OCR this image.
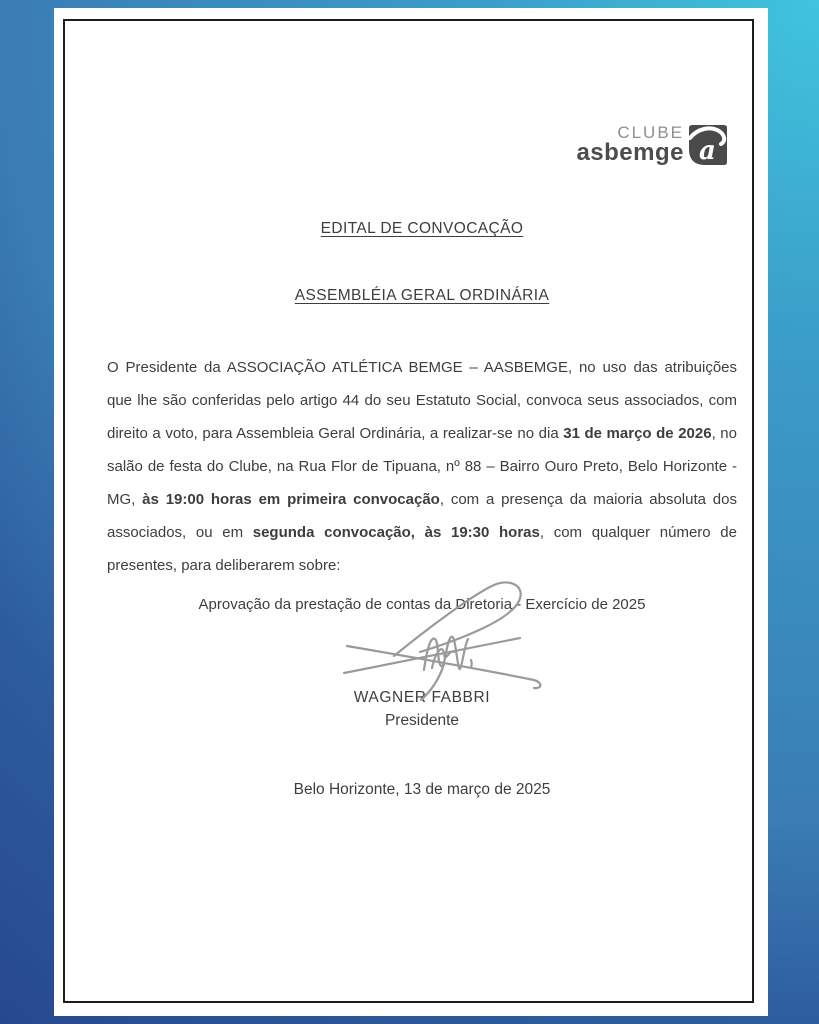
CLUBE
asbemge a
EDITAL DE CONVOCAÇÃO
ASSEMBLÉIA GERAL ORDINÁRIA

O Presidente da ASSOCIAÇÃO ATLÉTICA BEMGE – AASBEMGE, no uso das atribuições que lhe são conferidas pelo artigo 44 do seu Estatuto Social, convoca seus associados, com direito a voto, para Assembleia Geral Ordinária, a realizar-se no dia 31 de março de 2026, no salão de festa do Clube, na Rua Flor de Tipuana, nº 88 – Bairro Ouro Preto, Belo Horizonte - MG, às 19:00 horas em primeira convocação, com a presença da maioria absoluta dos associados, ou em segunda convocação, às 19:30 horas, com qualquer número de presentes, para deliberarem sobre:

Aprovação da prestação de contas da Diretoria - Exercício de 2025
WAGNER FABBRI
Presidente
Belo Horizonte, 13 de março de 2025
